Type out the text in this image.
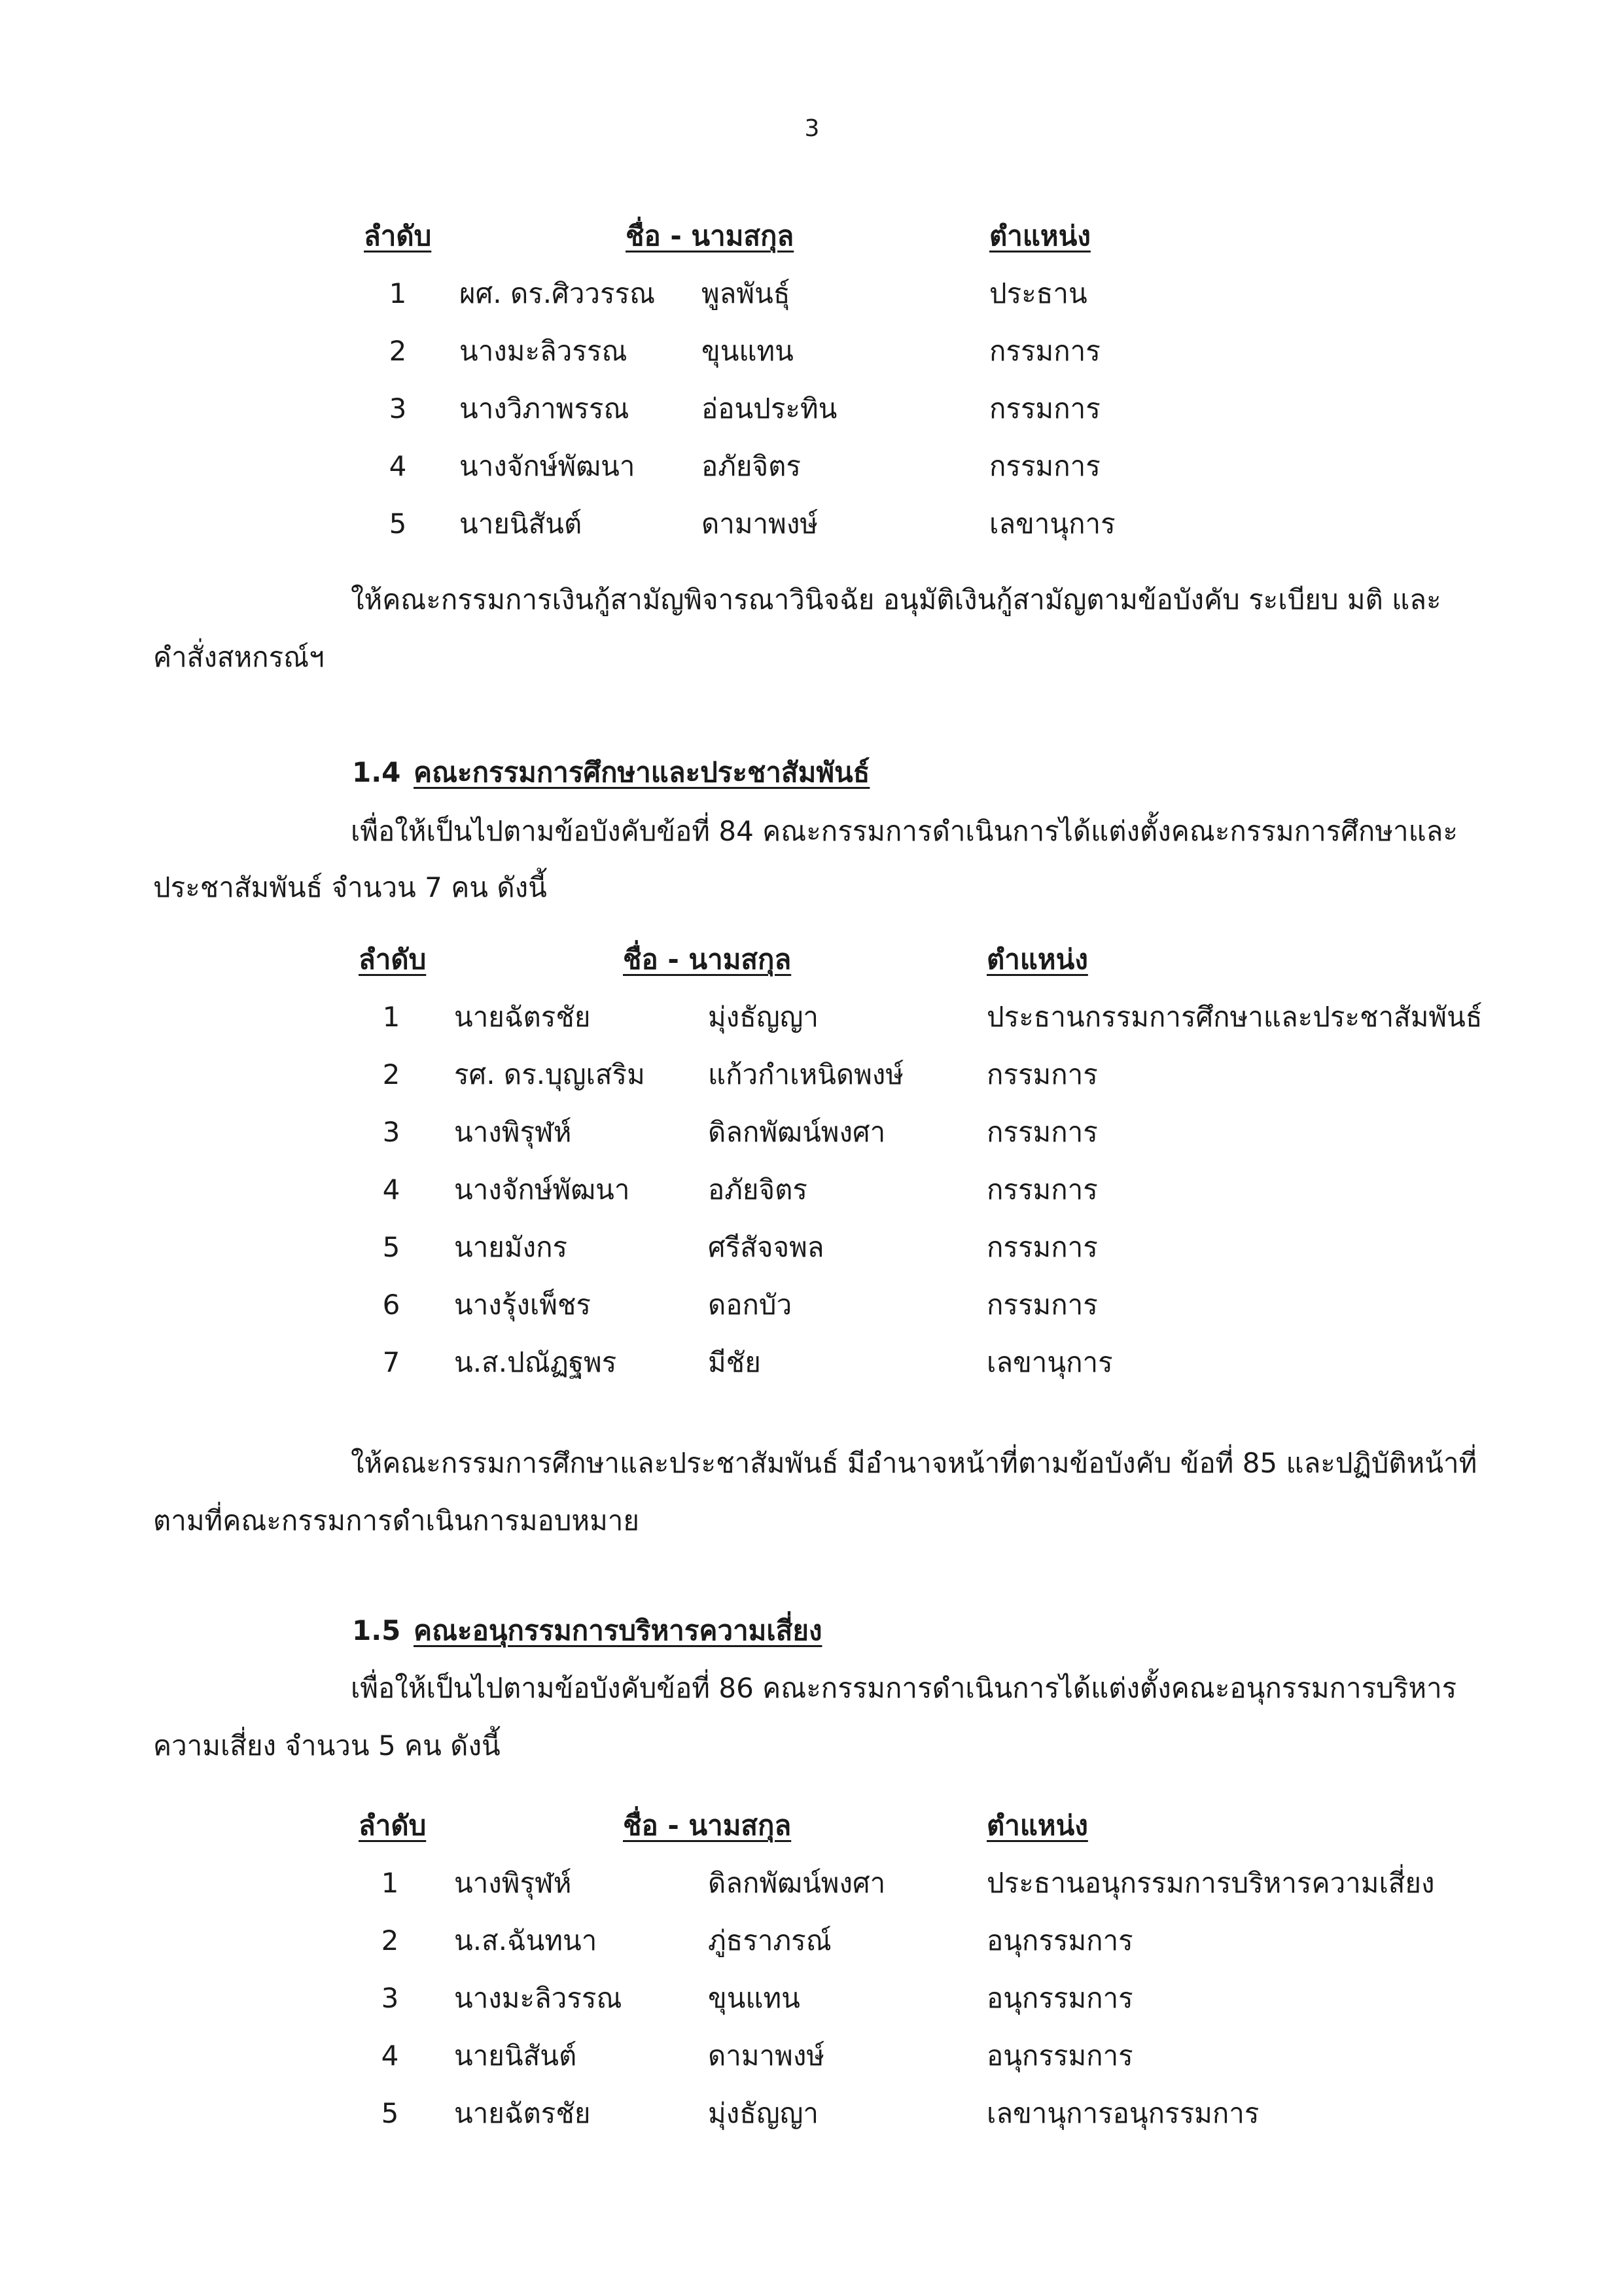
3
ลำดับ	ชื่อ - นามสกุล	ตำแหน่ง
1	ผศ. ดร.ศิววรรณ พูลพันธุ์	ประธาน
2	นางมะลิวรรณ	ขุนแทน	กรรมการ
3	นางวิภาพรรณ	อ่อนประทิน	กรรมการ
4	นางจักษ์พัฒนา อภัยจิตร	กรรมการ
5	นายนิสันต์	ดามาพงษ์	เลขานุการ
ให้คณะกรรมการเงินกู้สามัญพิจารณาวินิจฉัย อนุมัติเงินกู้สามัญตามข้อบังคับ ระเบียบ มติ และ
คำสั่งสหกรณ์ฯ
1.4 คณะกรรมการศึกษาและประชาสัมพันธ์
เพื่อให้เป็นไปตามข้อบังคับข้อที่ 84 คณะกรรมการดำเนินการได้แต่งตั้งคณะกรรมการศึกษาและ
ประชาสัมพันธ์ จำนวน 7 คน ดังนี้
ลำดับ	ชื่อ - นามสกุล	ตำแหน่ง
1	นายฉัตรชัย	มุ่งธัญญา	ประธานกรรมการศึกษาและประชาสัมพันธ์
2	รศ. ดร.บุญเสริม แก้วกำเหนิดพงษ์	กรรมการ
3	นางพิรุฬห์	ดิลกพัฒน์พงศา	กรรมการ
4	นางจักษ์พัฒนา	อภัยจิตร	กรรมการ
5	นายมังกร	ศรีสัจจพล	กรรมการ
6	นางรุ้งเพ็ชร	ดอกบัว	กรรมการ
7	น.ส.ปณัฏฐพร	มีชัย	เลขานุการ
ให้คณะกรรมการศึกษาและประชาสัมพันธ์ มีอำนาจหน้าที่ตามข้อบังคับ ข้อที่ 85 และปฏิบัติหน้าที่
ตามที่คณะกรรมการดำเนินการมอบหมาย
1.5 คณะอนุกรรมการบริหารความเสี่ยง
เพื่อให้เป็นไปตามข้อบังคับข้อที่ 86 คณะกรรมการดำเนินการได้แต่งตั้งคณะอนุกรรมการบริหาร
ความเสี่ยง จำนวน 5 คน ดังนี้
ลำดับ	ชื่อ - นามสกุล	ตำแหน่ง
1	นางพิรุฬห์	ดิลกพัฒน์พงศา	ประธานอนุกรรมการบริหารความเสี่ยง
2	น.ส.ฉันทนา	ภู่ธราภรณ์	อนุกรรมการ
3	นางมะลิวรรณ	ขุนแทน	อนุกรรมการ
4	นายนิสันต์	ดามาพงษ์	อนุกรรมการ
5	นายฉัตรชัย	มุ่งธัญญา	เลขานุการอนุกรรมการ
